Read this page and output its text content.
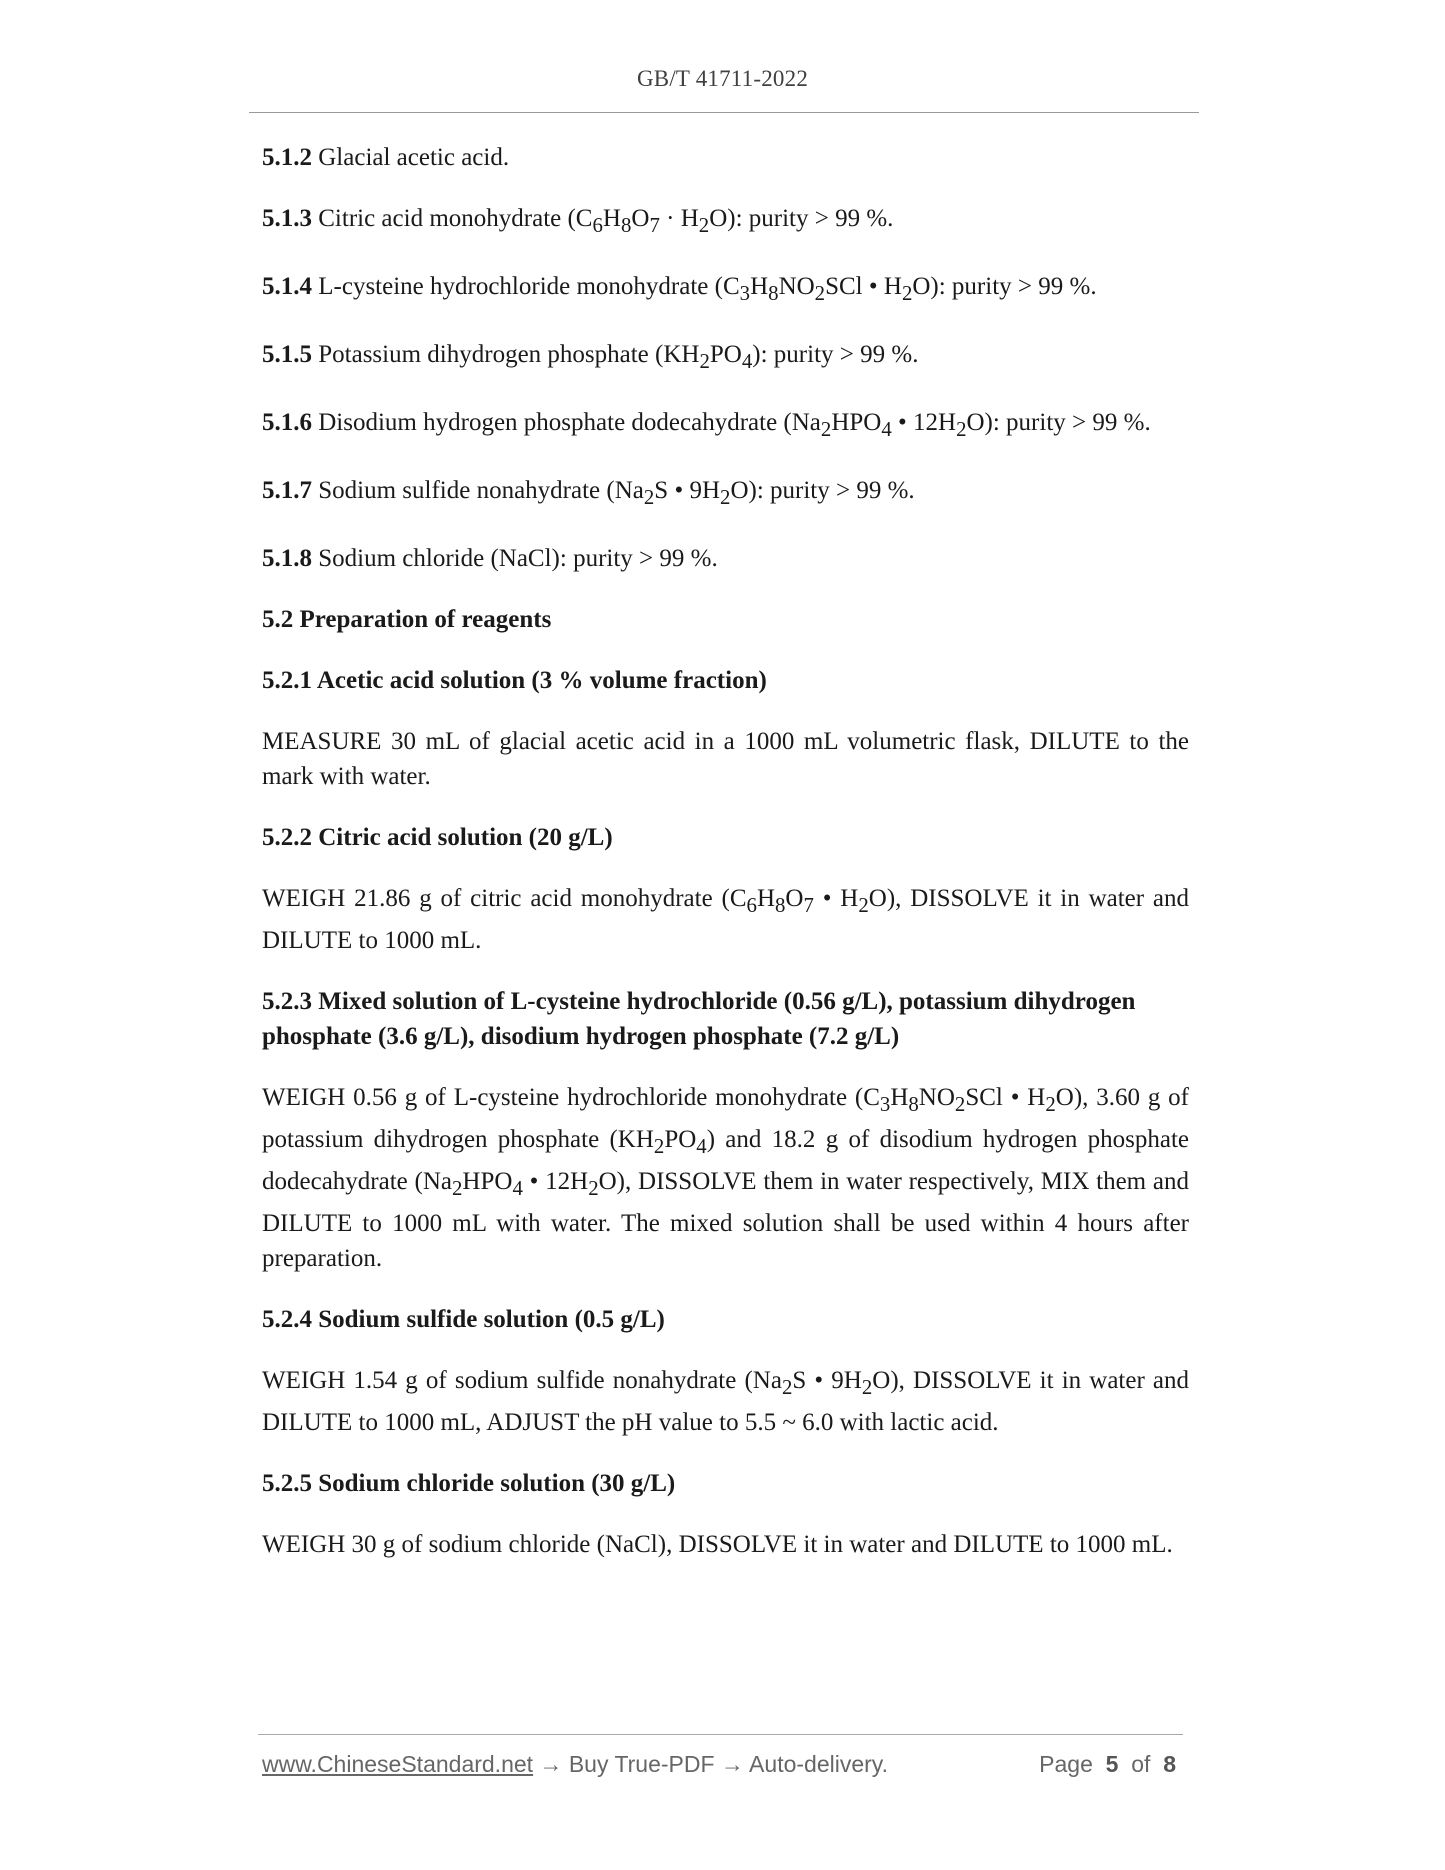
GB/T 41711-2022

5.1.2 Glacial acetic acid.

5.1.3 Citric acid monohydrate $(C_6H_8O_7 \cdot H_2O)$: purity > 99 %.

5.1.4 L-cysteine hydrochloride monohydrate ($C_3H_8NO_2SCl$ • $H_2O$): purity > 99 %.

5.1.5 Potassium dihydrogen phosphate $(KH_2PO_4)$: purity > 99 %.

5.1.6 Disodium hydrogen phosphate dodecahydrate ($Na_2HPO_4$ • $12H_2O$): purity > 99 %.

5.1.7 Sodium sulfide nonahydrate ($Na_2S$ • $9H_2O$): purity > 99 %.

5.1.8 Sodium chloride (NaCl): purity > 99 %.

5.2 Preparation of reagents

5.2.1 Acetic acid solution (3 % volume fraction)

MEASURE 30 mL of glacial acetic acid in a 1000 mL volumetric flask, DILUTE to the mark with water.

5.2.2 Citric acid solution (20 g/L)

WEIGH 21.86 g of citric acid monohydrate ($C_6H_8O_7$ • $H_2O$), DISSOLVE it in water and DILUTE to 1000 mL.

5.2.3 Mixed solution of L-cysteine hydrochloride (0.56 g/L), potassium dihydrogen phosphate (3.6 g/L), disodium hydrogen phosphate (7.2 g/L)

WEIGH 0.56 g of L-cysteine hydrochloride monohydrate ($C_3H_8NO_2SCl$ • $H_2O$), 3.60 g of potassium dihydrogen phosphate $(KH_2PO_4)$ and 18.2 g of disodium hydrogen phosphate dodecahydrate ($Na_2HPO_4$ • $12H_2O$), DISSOLVE them in water respectively, MIX them and DILUTE to 1000 mL with water. The mixed solution shall be used within 4 hours after preparation.

5.2.4 Sodium sulfide solution (0.5 g/L)

WEIGH 1.54 g of sodium sulfide nonahydrate ($Na_2S$ • $9H_2O$), DISSOLVE it in water and DILUTE to 1000 mL, ADJUST the pH value to 5.5 ~ 6.0 with lactic acid.

5.2.5 Sodium chloride solution (30 g/L)

WEIGH 30 g of sodium chloride (NaCl), DISSOLVE it in water and DILUTE to 1000 mL.

www.ChineseStandard.net → Buy True-PDF → Auto-delivery.	Page 5 of 8
